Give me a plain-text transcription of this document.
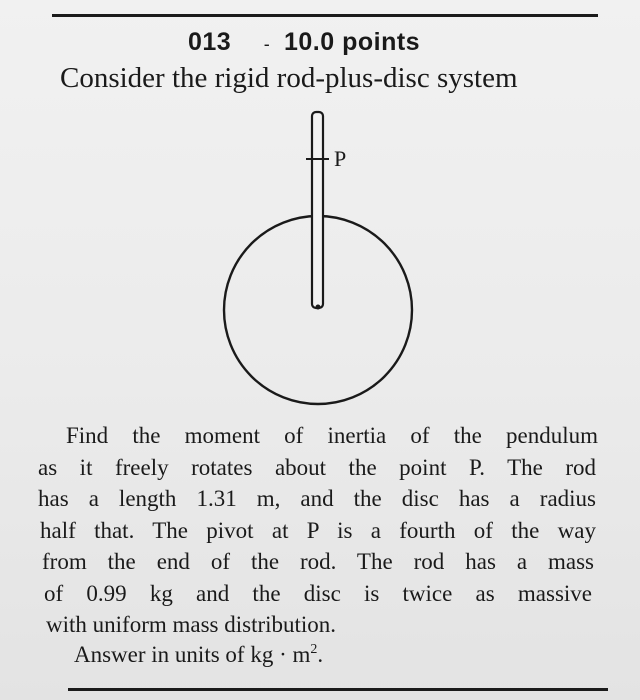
013 - 10.0 points
Consider the rigid rod-plus-disc system
P
Find the moment of inertia of the pendulum
as it freely rotates about the point P. The rod
has a length 1.31 m, and the disc has a radius
half that. The pivot at P is a fourth of the way
from the end of the rod. The rod has a mass
of 0.99 kg and the disc is twice as massive
with uniform mass distribution.
Answer in units of kg · $m^2$.
